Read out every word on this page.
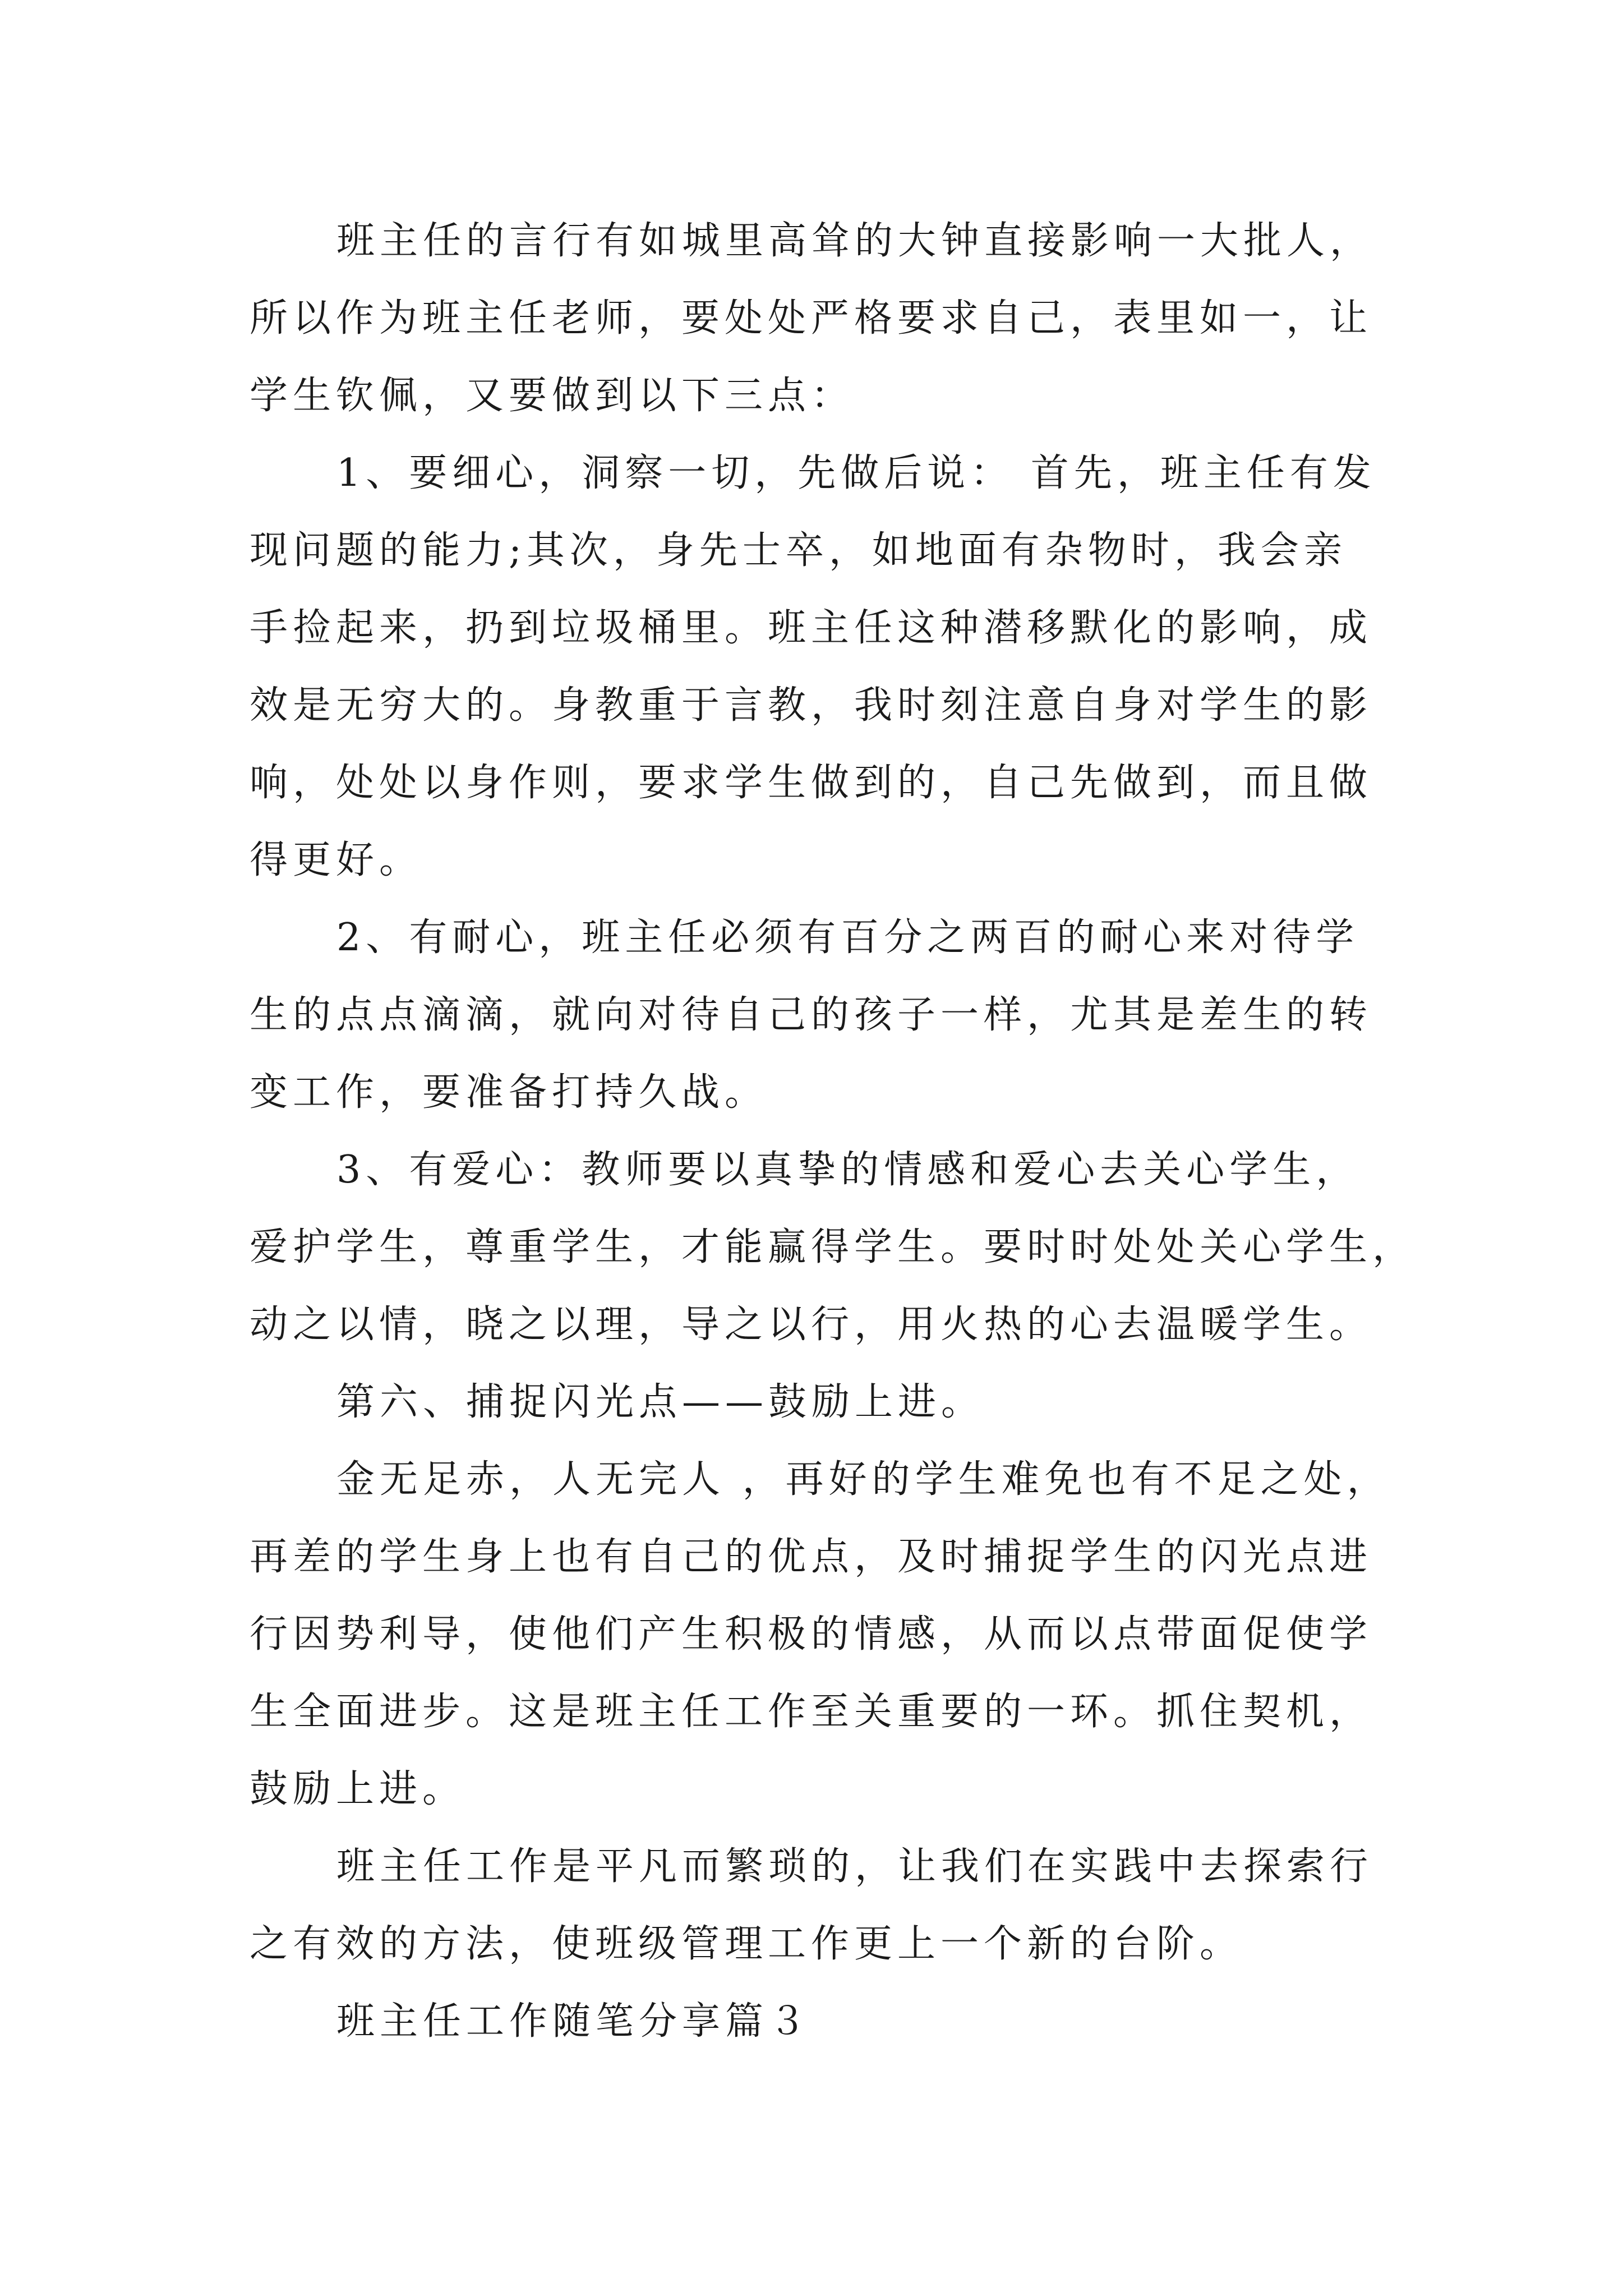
班主任的言行有如城里高耸的大钟直接影响一大批人，
所以作为班主任老师，要处处严格要求自己，表里如一，让
学生钦佩，又要做到以下三点：
1、要细心，洞察一切，先做后说： 首先，班主任有发
现问题的能力;其次，身先士卒，如地面有杂物时，我会亲
手捡起来，扔到垃圾桶里。班主任这种潜移默化的影响，成
效是无穷大的。身教重于言教，我时刻注意自身对学生的影
响，处处以身作则，要求学生做到的，自己先做到，而且做
得更好。
2、有耐心，班主任必须有百分之两百的耐心来对待学
生的点点滴滴，就向对待自己的孩子一样，尤其是差生的转
变工作，要准备打持久战。
3、有爱心：教师要以真挚的情感和爱心去关心学生，
爱护学生，尊重学生，才能赢得学生。要时时处处关心学生，
动之以情，晓之以理，导之以行，用火热的心去温暖学生。
第六、捕捉闪光点——鼓励上进。
金无足赤，人无完人 ，再好的学生难免也有不足之处，
再差的学生身上也有自己的优点，及时捕捉学生的闪光点进
行因势利导，使他们产生积极的情感，从而以点带面促使学
生全面进步。这是班主任工作至关重要的一环。抓住契机，
鼓励上进。
班主任工作是平凡而繁琐的，让我们在实践中去探索行
之有效的方法，使班级管理工作更上一个新的台阶。
班主任工作随笔分享篇３
